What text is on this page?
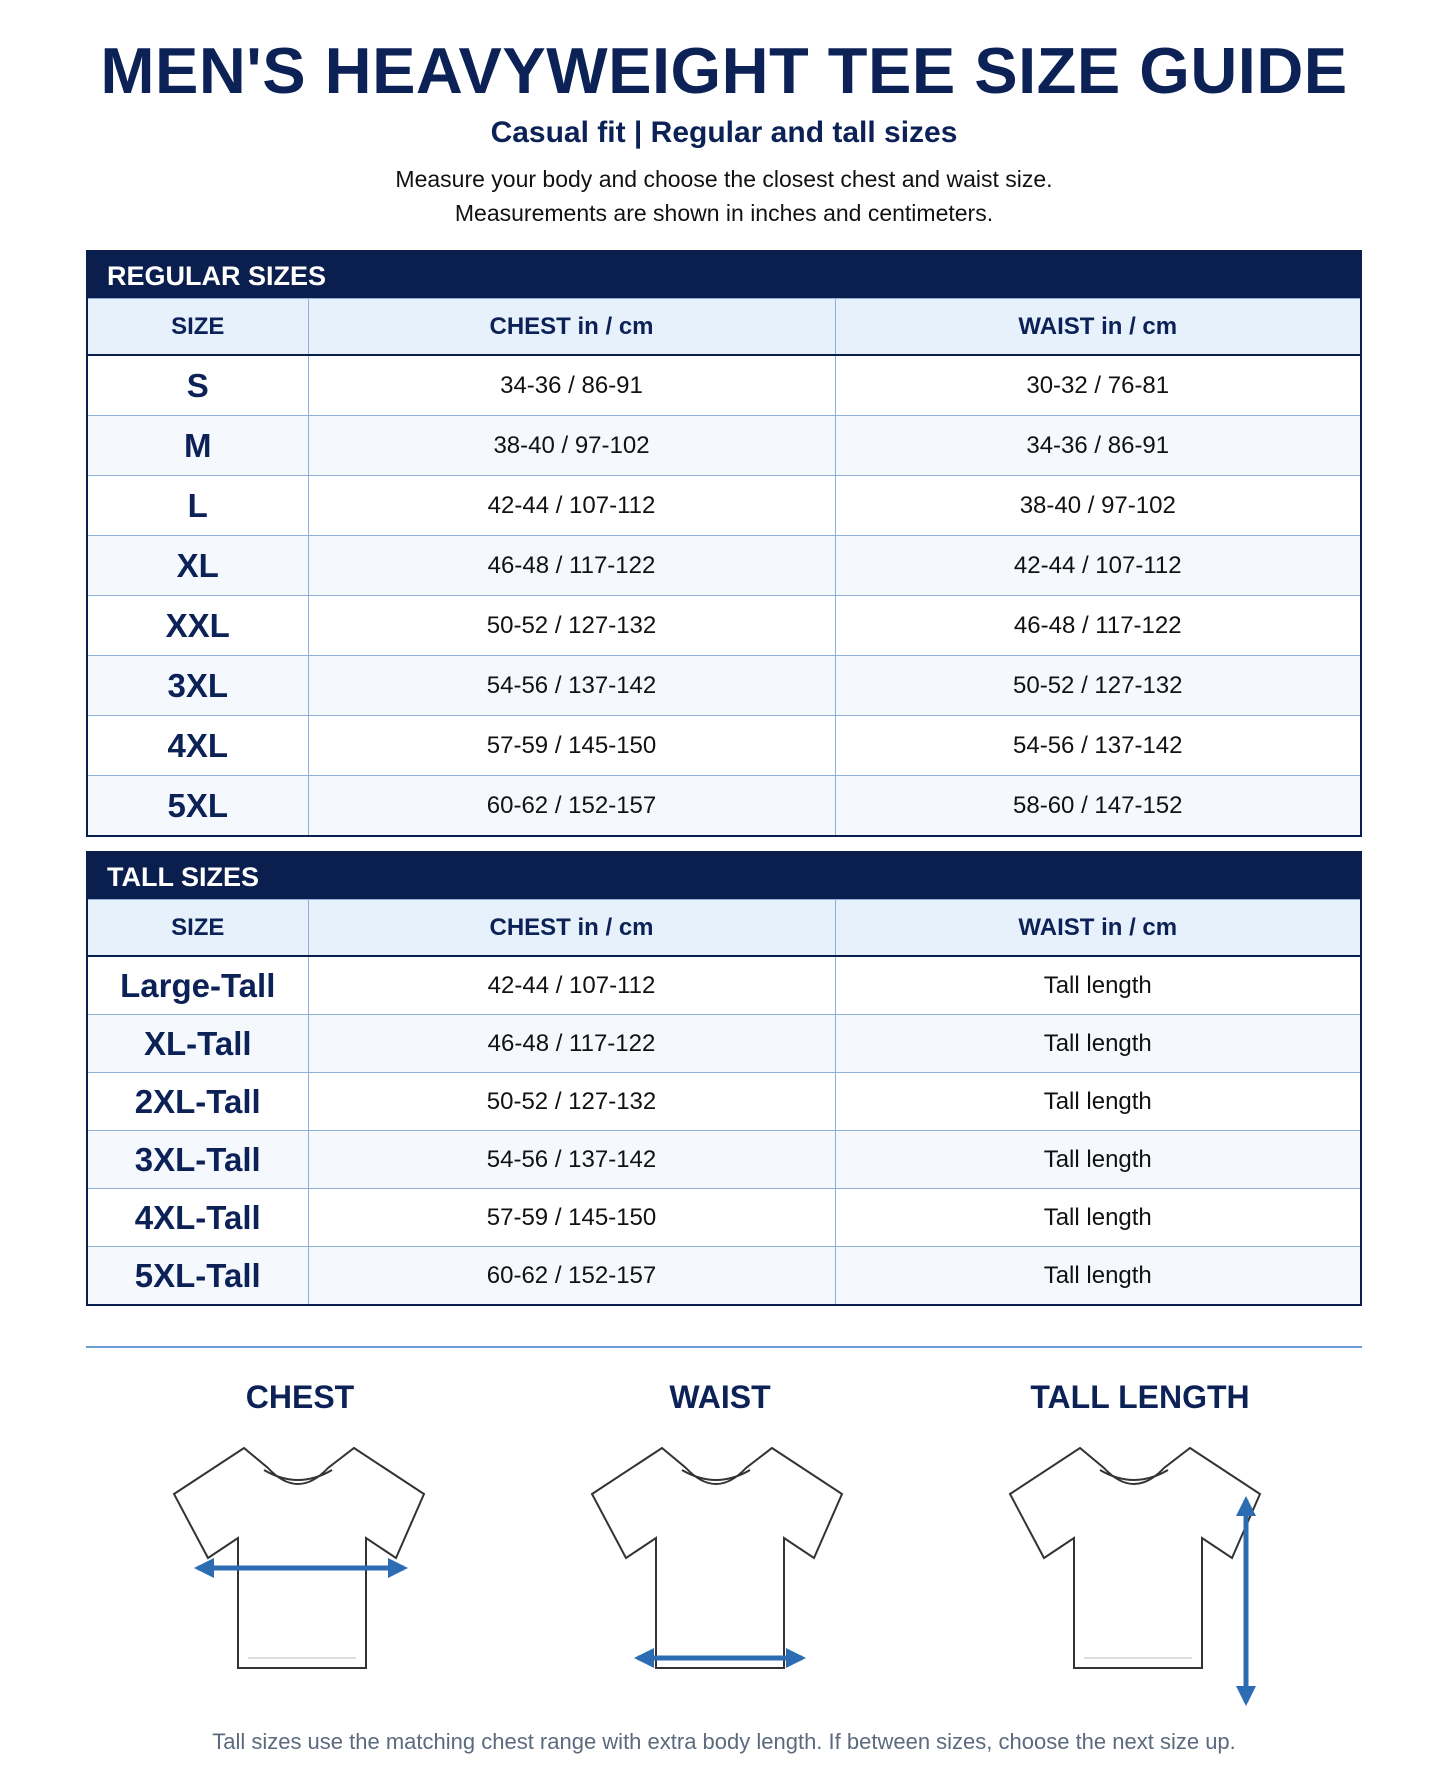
MEN'S HEAVYWEIGHT TEE SIZE GUIDE
Casual fit | Regular and tall sizes
Measure your body and choose the closest chest and waist size.
Measurements are shown in inches and centimeters.
REGULAR SIZES
SIZE	CHEST in / cm	WAIST in / cm
S	34-36 / 86-91	30-32 / 76-81
M	38-40 / 97-102	34-36 / 86-91
L	42-44 / 107-112	38-40 / 97-102
XL	46-48 / 117-122	42-44 / 107-112
XXL	50-52 / 127-132	46-48 / 117-122
3XL	54-56 / 137-142	50-52 / 127-132
4XL	57-59 / 145-150	54-56 / 137-142
5XL	60-62 / 152-157	58-60 / 147-152
TALL SIZES
SIZE	CHEST in / cm	WAIST in / cm
Large-Tall	42-44 / 107-112	Tall length
XL-Tall	46-48 / 117-122	Tall length
2XL-Tall	50-52 / 127-132	Tall length
3XL-Tall	54-56 / 137-142	Tall length
4XL-Tall	57-59 / 145-150	Tall length
5XL-Tall	60-62 / 152-157	Tall length
CHEST	WAIST	TALL LENGTH
Tall sizes use the matching chest range with extra body length. If between sizes, choose the next size up.
